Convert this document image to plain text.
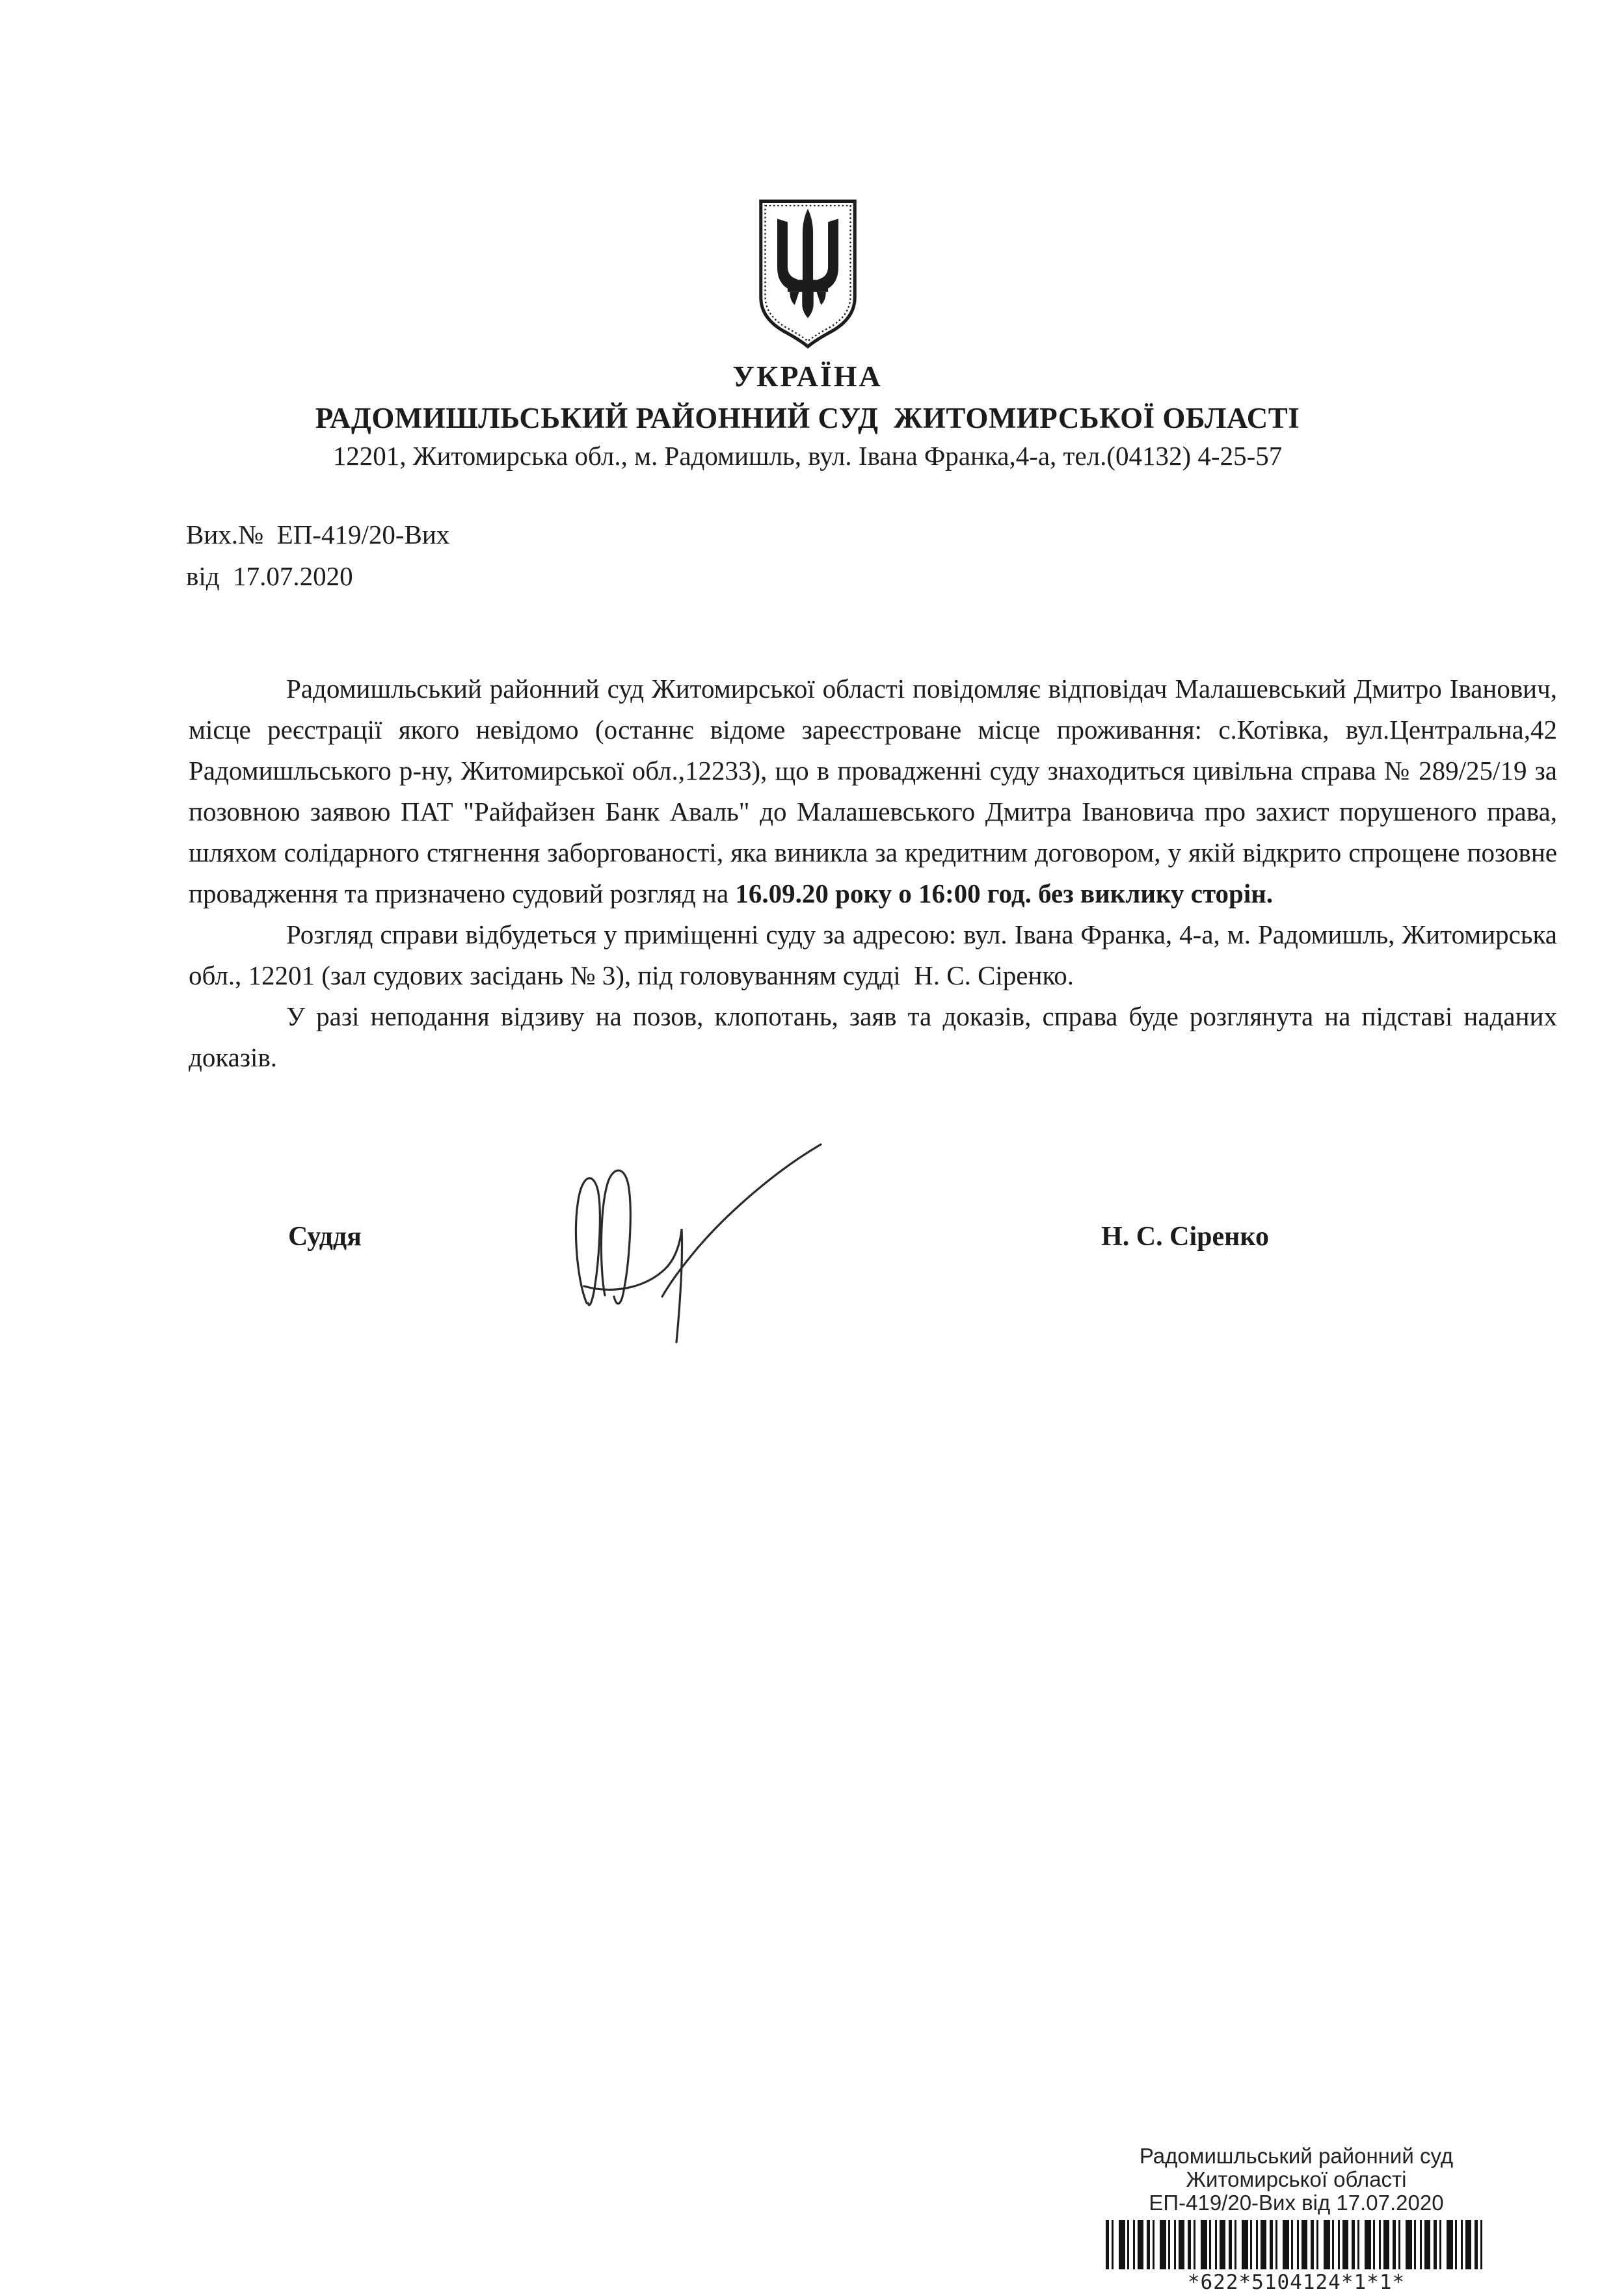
УКРАЇНА
РАДОМИШЛЬСЬКИЙ РАЙОННИЙ СУД  ЖИТОМИРСЬКОЇ ОБЛАСТІ
12201, Житомирська обл., м. Радомишль, вул. Івана Франка,4-а, тел.(04132) 4-25-57
Вих.№  ЕП-419/20-Вих
від  17.07.2020

Радомишльський районний суд Житомирської області повідомляє відповідач Малашевський Дмитро Іванович, місце реєстрації якого невідомо (останнє відоме зареєстроване місце проживання: с.Котівка, вул.Центральна,42 Радомишльського р-ну, Житомирської обл.,12233), що в провадженні суду знаходиться цивільна справа № 289/25/19 за позовною заявою ПАТ "Райфайзен Банк Аваль" до Малашевського Дмитра Івановича про захист порушеного права, шляхом солідарного стягнення заборгованості, яка виникла за кредитним договором, у якій відкрито спрощене позовне провадження та призначено судовий розгляд на 16.09.20 року о 16:00 год. без виклику сторін.

Розгляд справи відбудеться у приміщенні суду за адресою: вул. Івана Франка, 4-а, м. Радомишль, Житомирська обл., 12201 (зал судових засідань № 3), під головуванням судді  Н. С. Сіренко.

У разі неподання відзиву на позов, клопотань, заяв та доказів, справа буде розглянута на підставі наданих доказів.

Суддя	Н. С. Сіренко
Радомишльський районний суд
Житомирської області
ЕП-419/20-Вих від 17.07.2020
*622*5104124*1*1*
